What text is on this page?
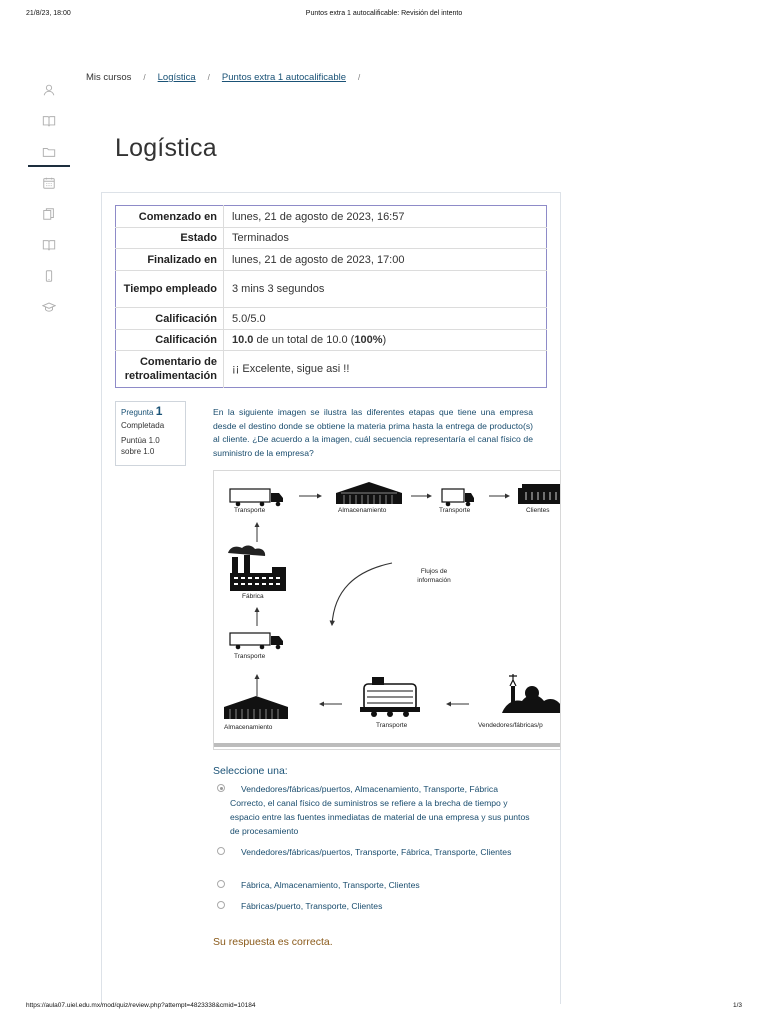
21/8/23, 18:00	Puntos extra 1 autocalificable: Revisión del intento
Mis cursos / Logística / Puntos extra 1 autocalificable /
Logística
Comenzado en	lunes, 21 de agosto de 2023, 16:57
Estado	Terminados
Finalizado en	lunes, 21 de agosto de 2023, 17:00
Tiempo empleado	3 mins 3 segundos
Calificación	5.0/5.0
Calificación	10.0 de un total de 10.0 (100%)
Comentario de retroalimentación	¡¡ Excelente, sigue asi !!
Pregunta 1
Completada
Puntúa 1.0
sobre 1.0
En la siguiente imagen se ilustra las diferentes etapas que tiene una empresa desde el destino donde se obtiene la materia prima hasta la entrega de producto(s) al cliente. ¿De acuerdo a la imagen, cuál secuencia representaría el canal físico de suministro de la empresa?
Transporte	Almacenamiento	Transporte	Clientes
Fábrica
Flujos de información
Transporte
Almacenamiento	Transporte	Vendedores/fábricas/p
Seleccione una:
Vendedores/fábricas/puertos, Almacenamiento, Transporte, Fábrica   Correcto, el canal físico de suministros se refiere a la brecha de tiempo y espacio entre las fuentes inmediatas de material de una empresa y sus puntos de procesamiento
Vendedores/fábricas/puertos, Transporte, Fábrica, Transporte, Clientes
Fábrica, Almacenamiento, Transporte, Clientes
Fábricas/puerto, Transporte, Clientes
Su respuesta es correcta.
https://aula07.uiel.edu.mx/mod/quiz/review.php?attempt=4823338&cmid=10184	1/3
